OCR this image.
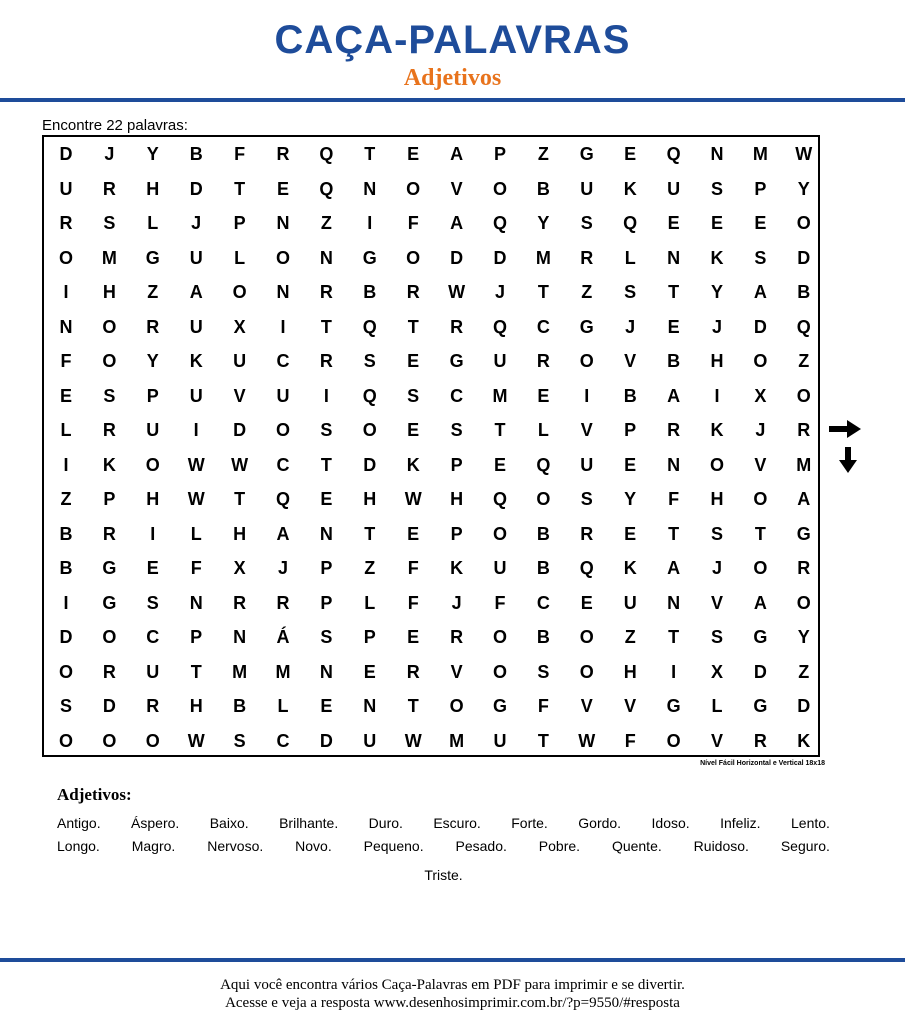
CAÇA-PALAVRAS
Adjetivos
Encontre 22 palavras:
D	J	Y	B	F	R	Q	T	E	A	P	Z	G	E	Q	N	M	W
U	R	H	D	T	E	Q	N	O	V	O	B	U	K	U	S	P	Y
R	S	L	J	P	N	Z	I	F	A	Q	Y	S	Q	E	E	E	O
O	M	G	U	L	O	N	G	O	D	D	M	R	L	N	K	S	D
I	H	Z	A	O	N	R	B	R	W	J	T	Z	S	T	Y	A	B
N	O	R	U	X	I	T	Q	T	R	Q	C	G	J	E	J	D	Q
F	O	Y	K	U	C	R	S	E	G	U	R	O	V	B	H	O	Z
E	S	P	U	V	U	I	Q	S	C	M	E	I	B	A	I	X	O
L	R	U	I	D	O	S	O	E	S	T	L	V	P	R	K	J	R
I	K	O	W	W	C	T	D	K	P	E	Q	U	E	N	O	V	M
Z	P	H	W	T	Q	E	H	W	H	Q	O	S	Y	F	H	O	A
B	R	I	L	H	A	N	T	E	P	O	B	R	E	T	S	T	G
B	G	E	F	X	J	P	Z	F	K	U	B	Q	K	A	J	O	R
I	G	S	N	R	R	P	L	F	J	F	C	E	U	N	V	A	O
D	O	C	P	N	Á	S	P	E	R	O	B	O	Z	T	S	G	Y
O	R	U	T	M	M	N	E	R	V	O	S	O	H	I	X	D	Z
S	D	R	H	B	L	E	N	T	O	G	F	V	V	G	L	G	D
O	O	O	W	S	C	D	U	W	M	U	T	W	F	O	V	R	K
Nível Fácil Horizontal e Vertical 18x18
Adjetivos:
Antigo. Áspero. Baixo. Brilhante. Duro. Escuro. Forte. Gordo. Idoso. Infeliz. Lento.
Longo. Magro. Nervoso. Novo. Pequeno. Pesado. Pobre. Quente. Ruidoso. Seguro.
Triste.
Aqui você encontra vários Caça-Palavras em PDF para imprimir e se divertir.
Acesse e veja a resposta www.desenhosimprimir.com.br/?p=9550/#resposta
